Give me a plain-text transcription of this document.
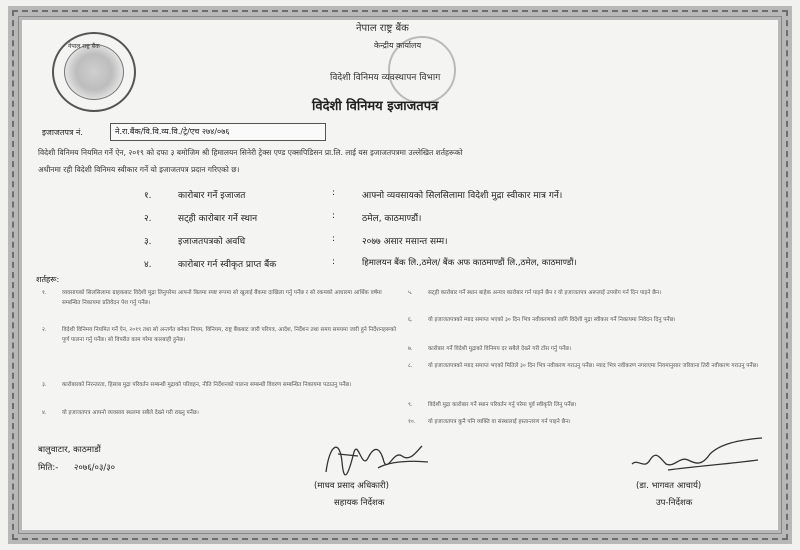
नेपाल राष्ट्र बैंक
नेपाल राष्ट्र बैंक
केन्द्रीय कार्यालय
विदेशी विनिमय व्यवस्थापन विभाग
विदेशी विनिमय इजाजतपत्र
इजाजतपत्र नं.	ने.रा.बैंक/वि.वि.व्य.वि./ट्रे/एच २७४/०७६
विदेशी विनिमय नियमित गर्ने ऐन, २०१९ को दफा ३ बमोजिम श्री हिमालयन सिनेरी ट्रेक्स एण्ड एक्सपिडिसन प्रा.लि. लाई यस इजाजतपत्रमा उल्लेखित शर्तहरूको
अधीनमा रही विदेशी विनिमय स्वीकार गर्ने यो इजाजतपत्र प्रदान गरिएको छ।
१.	कारोबार गर्ने इजाजत	:	आफ्नो व्यवसायको सिलसिलामा विदेशी मुद्रा स्वीकार मात्र गर्ने।
२.	सट्ही कारोबार गर्ने स्थान	:	ठमेल, काठमाण्डौं।
३.	इजाजतपत्रको अवधि	:	२०७७ असार मसान्त सम्म।
४.	कारोबार गर्न स्वीकृत प्राप्त बैंक	:	हिमालयन बैंक लि.,ठमेल/ बैंक अफ काठमाण्डौं लि.,ठमेल, काठमाण्डौं।
शर्तहरू:
१.	व्यवसायको सिलसिलामा ग्राहकबाट विदेशी मुद्रा लिनुपरेमा आफ्नो बिलमा स्पष्ट रूपमा सो खुलाई बैंकमा दाखिला गर्नु पर्नेछ र सो रकमको आधारमा आर्थिक वर्षमा सम्बन्धित निकायमा प्रतिवेदन पेश गर्नु पर्नेछ।
२.	विदेशी विनिमय नियमित गर्ने ऐन, २०१९ तथा सो अन्तर्गत बनेका नियम, विनियम, राष्ट्र बैंकबाट जारी परिपत्र, आदेश, निर्देशन तथा समय समयमा जारी हुने निर्देशनहरूको पूर्ण पालना गर्नु पर्नेछ। सो विपरीत काम गरेमा कारबाही हुनेछ।
३.	कारोबारको निरन्तरता, हिसाब मुद्रा परिवर्तन सम्बन्धी मुद्राको परिवहन, नीति निर्देशनको पालना सम्बन्धी विवरण सम्बन्धित निकायमा पठाउनु पर्नेछ।
४.	यो इजाजतपत्र आफ्नो व्यवसाय स्थलमा सबैले देख्ने गरी राख्नु पर्नेछ।
५.	सट्ही कारोबार गर्ने स्थान बाहेक अन्यत्र कारोबार गर्न पाइने छैन र यो इजाजतपत्र अरूलाई उपयोग गर्न दिन पाइने छैन।
६.	यो इजाजतपत्रको म्याद समाप्त भएको ३० दिन भित्र नवीकरणको लागि विदेशी मुद्रा स्वीकार गर्ने निकायमा निवेदन दिनु पर्नेछ।
७.	कारोबार गर्ने विदेशी मुद्राको विनिमय दर सबैले देख्ने गरी टाँस गर्नु पर्नेछ।
८.	यो इजाजतपत्रको म्याद समाप्त भएको मितिले ३० दिन भित्र नवीकरण गराउनु पर्नेछ। म्याद भित्र नवीकरण नगराएमा नियमानुसार जरिवाना तिरी नवीकरण गराउनु पर्नेछ।
९.	विदेशी मुद्रा कारोबार गर्ने स्थान परिवर्तन गर्नु परेमा पूर्व स्वीकृति लिनु पर्नेछ।
१०. यो इजाजतपत्र कुनै पनि व्यक्ति वा संस्थालाई हस्तान्तरण गर्न पाइने छैन।
बालुवाटार, काठमाडौं
मिति:- २०७६/०३/३०
(माधव प्रसाद अधिकारी)
सहायक निर्देशक
(डा. भागवत आचार्य)
उप-निर्देशक
